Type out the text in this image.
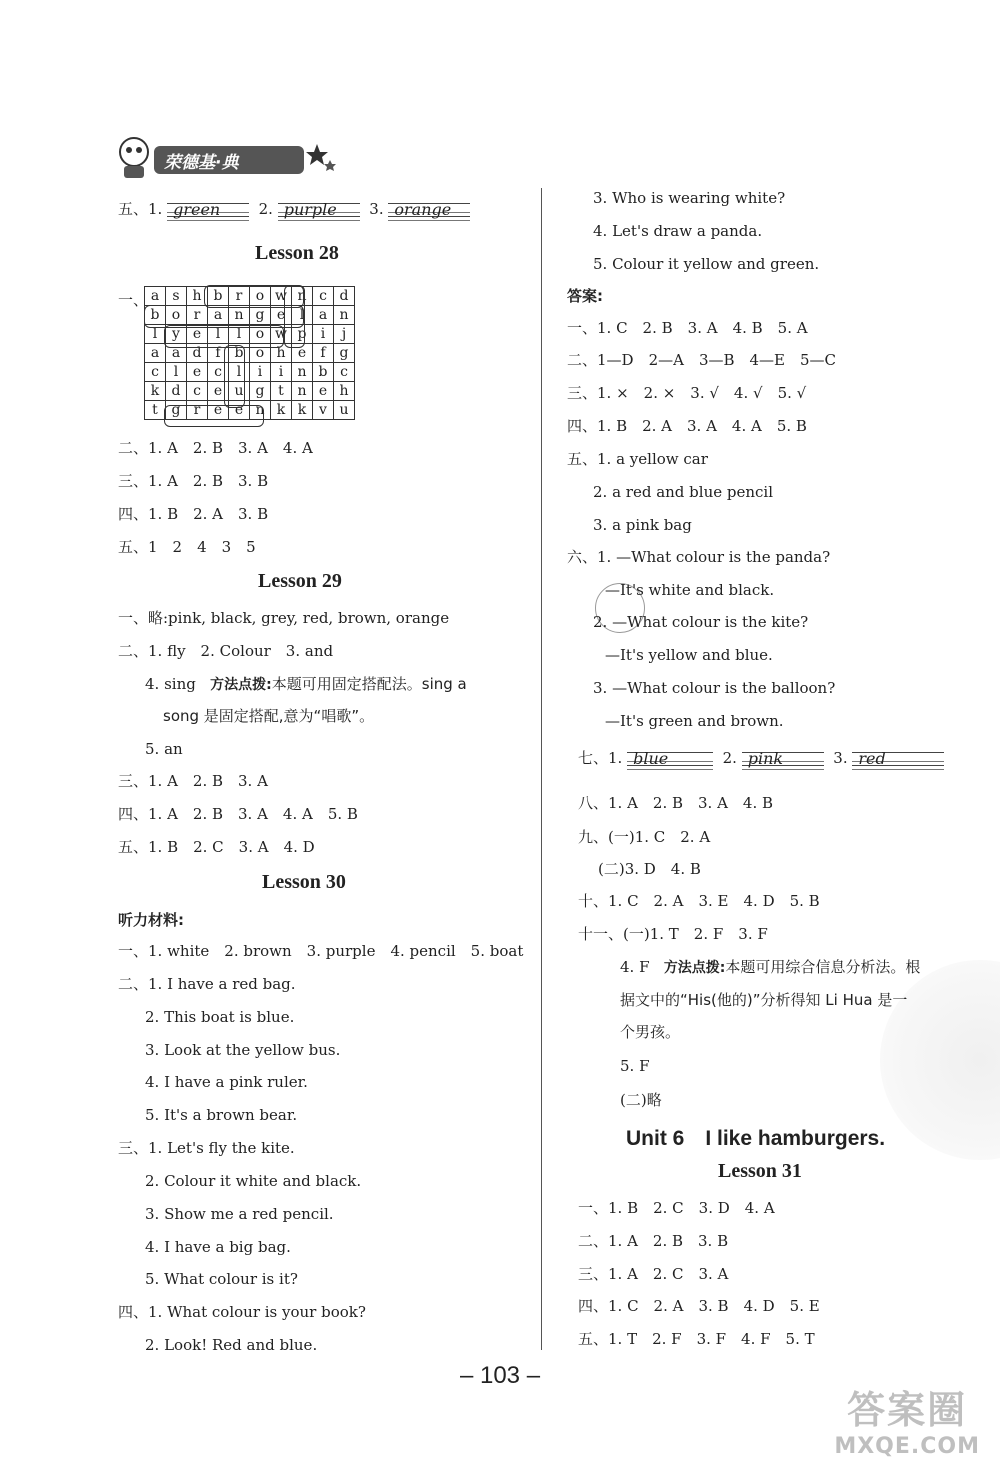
荣德基·典
五、1. green	2. purple 3. orange
Lesson 28
一、 a	s	h	b	r	o	w	n	c	d
b	o	r	a	n	g	e	l	a	n
l	y	e	l	l	o	w	p	i	j
a	a	d	f	b	o	h	e	f	g
c	l	e	c	l	i	i	n	b	c
k	d	c	e	u	g	t	n	e	h
t	g	r	e	e	n	k	k	v	u
二、1. A　2. B　3. A　4. A
三、1. A　2. B　3. B
四、1. B　2. A　3. B
五、1　2　4　3　5
Lesson 29
一、略:pink, black, grey, red, brown, orange
二、1. fly　2. Colour　3. and
4. sing 方法点拨:本题可用固定搭配法。sing a
song 是固定搭配,意为“唱歌”。
5. an
三、1. A　2. B　3. A
四、1. A　2. B　3. A　4. A　5. B
五、1. B　2. C　3. A　4. D
Lesson 30
听力材料:
一、1. white　2. brown　3. purple　4. pencil　5. boat
二、1. I have a red bag.
2. This boat is blue.
3. Look at the yellow bus.
4. I have a pink ruler.
5. It's a brown bear.
三、1. Let's fly the kite.
2. Colour it white and black.
3. Show me a red pencil.
4. I have a big bag.
5. What colour is it?
四、1. What colour is your book?
2. Look! Red and blue.
3. Who is wearing white?
4. Let's draw a panda.
5. Colour it yellow and green.
答案:
一、1. C　2. B　3. A　4. B　5. A
二、1—D　2—A　3—B　4—E　5—C
三、1. ×　2. ×　3. √　4. √　5. √
四、1. B　2. A　3. A　4. A　5. B
五、1. a yellow car
2. a red and blue pencil
3. a pink bag
六、1. —What colour is the panda?
—It's white and black.
2. —What colour is the kite?
—It's yellow and blue.
3. —What colour is the balloon?
—It's green and brown.
七、1. blue	2. pink	3. red
八、1. A　2. B　3. A　4. B
九、(一)1. C　2. A
(二)3. D　4. B
十、1. C　2. A　3. E　4. D　5. B
十一、(一)1. T　2. F　3. F
4. F 方法点拨:本题可用综合信息分析法。根
据文中的“His(他的)”分析得知 Li Hua 是一
个男孩。
5. F
(二)略
Unit 6　I like hamburgers.
Lesson 31
一、1. B　2. C　3. D　4. A
二、1. A　2. B　3. B
三、1. A　2. C　3. A
四、1. C　2. A　3. B　4. D　5. E
五、1. T　2. F　3. F　4. F　5. T
– 103 –
答案圈
MXQE.COM
